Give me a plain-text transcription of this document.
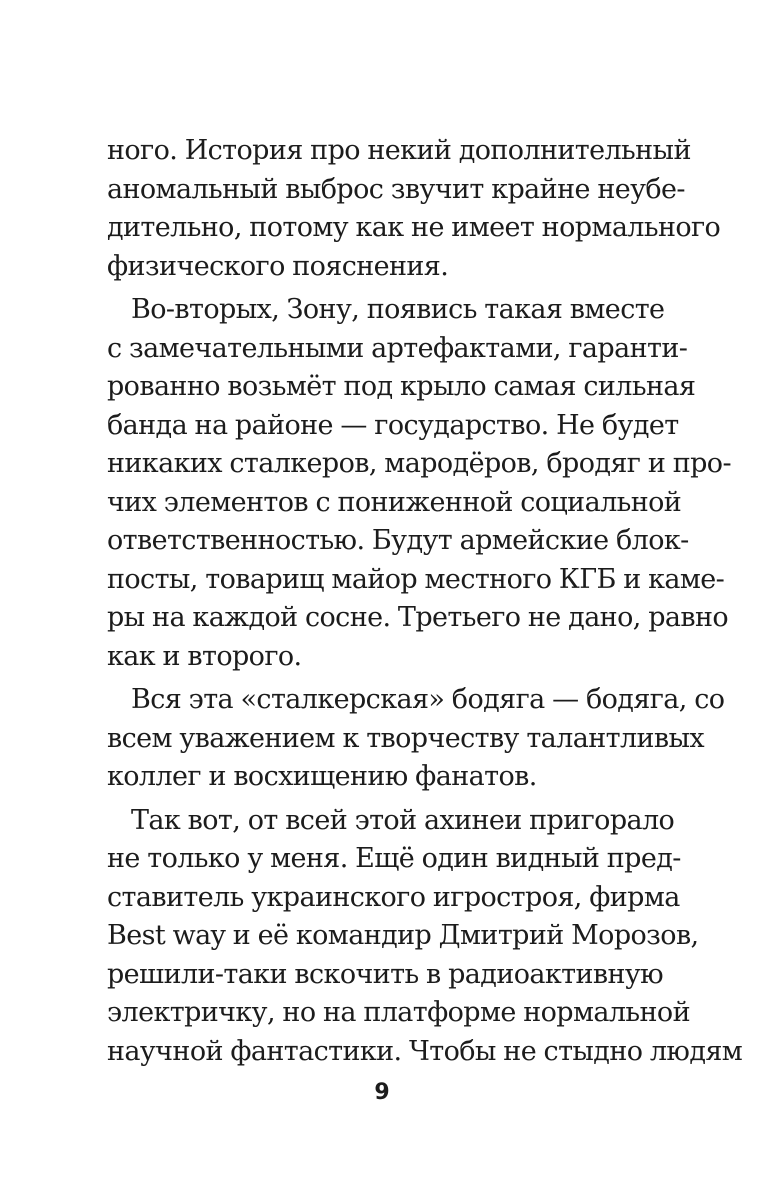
ного. История про некий дополнительный
аномальный выброс звучит крайне неубе-
дительно, потому как не имеет нормального
физического пояснения.
Во-вторых, Зону, появись такая вместе
с замечательными артефактами, гаранти-
рованно возьмёт под крыло самая сильная
банда на районе — государство. Не будет
никаких сталкеров, мародёров, бродяг и про-
чих элементов с пониженной социальной
ответственностью. Будут армейские блок-
посты, товарищ майор местного КГБ и каме-
ры на каждой сосне. Третьего не дано, равно
как и второго.
Вся эта «сталкерская» бодяга — бодяга, со
всем уважением к творчеству талантливых
коллег и восхищению фанатов.
Так вот, от всей этой ахинеи пригорало
не только у меня. Ещё один видный пред-
ставитель украинского игростроя, фирма
Best way и её командир Дмитрий Морозов,
решили-таки вскочить в радиоактивную
электричку, но на платформе нормальной
научной фантастики. Чтобы не стыдно людям
9
